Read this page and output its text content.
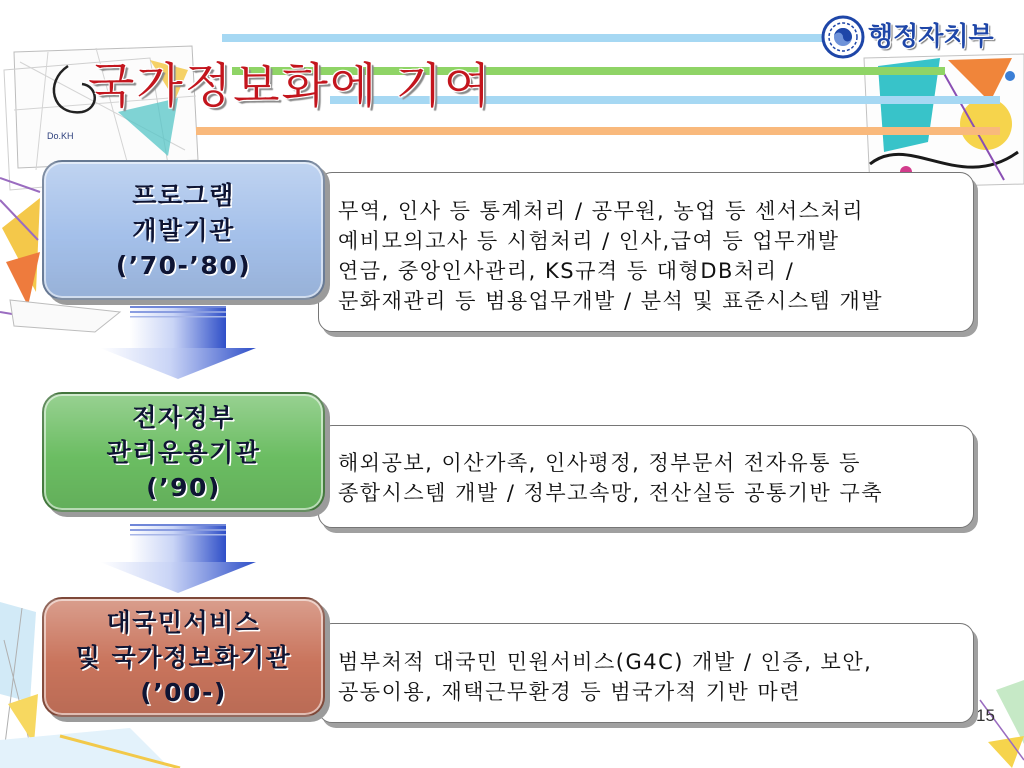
국가정보화에 기여
Do.KH
행정자치부
프로그램
개발기관
(’70-’80)
무역, 인사 등 통계처리 / 공무원, 농업 등 센서스처리
예비모의고사 등 시험처리 / 인사,급여 등 업무개발
연금, 중앙인사관리, KS규격 등 대형DB처리 /
문화재관리 등 범용업무개발 / 분석 및 표준시스템 개발
전자정부
관리운용기관
(’90)
해외공보, 이산가족, 인사평정, 정부문서 전자유통 등
종합시스템 개발 / 정부고속망, 전산실등 공통기반 구축
대국민서비스
및 국가정보화기관
(’00-)
범부처적 대국민 민원서비스(G4C) 개발 / 인증, 보안,
공동이용, 재택근무환경 등 범국가적 기반 마련
15
